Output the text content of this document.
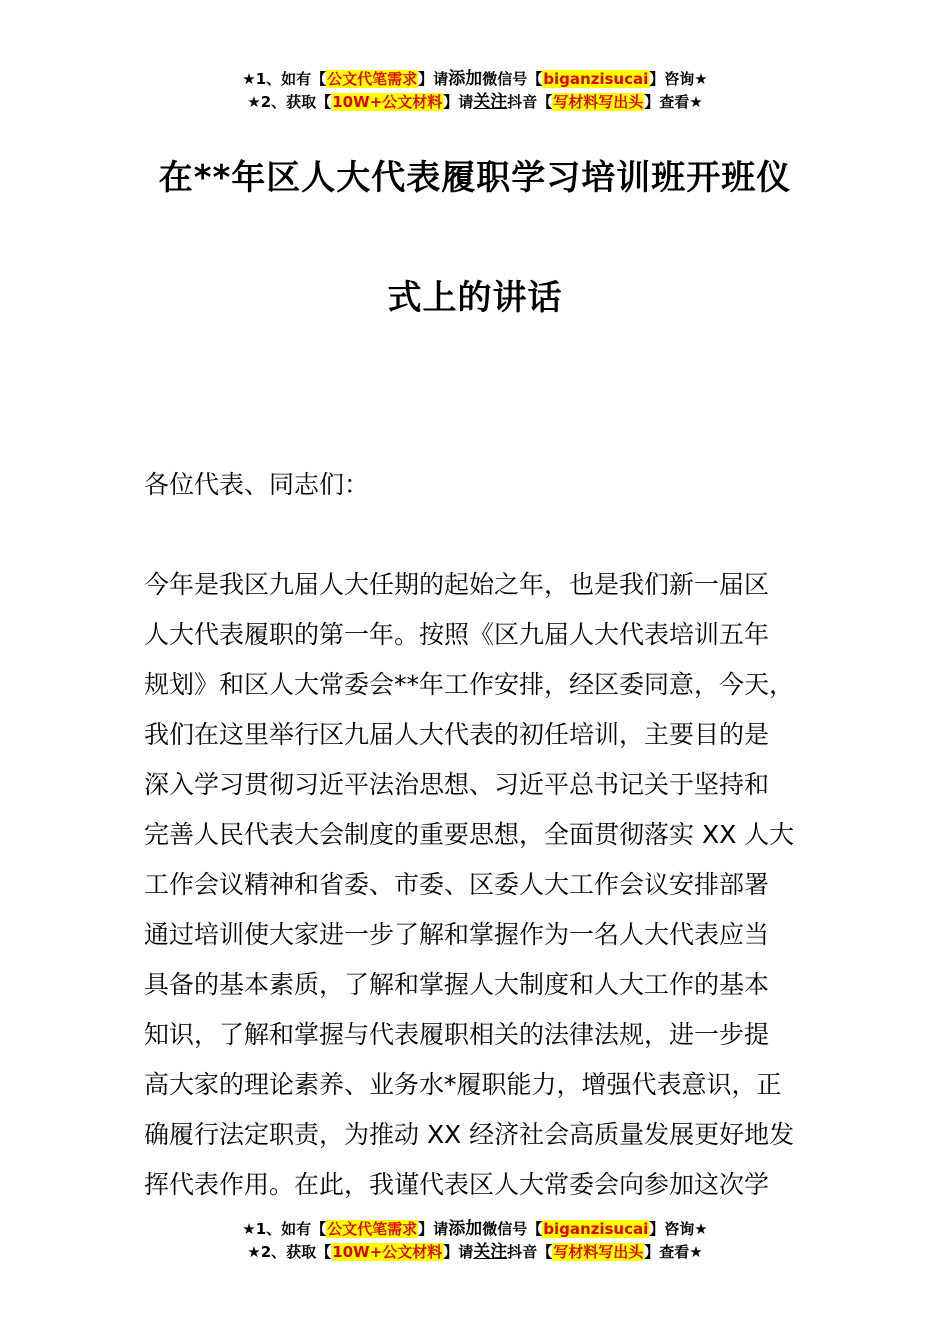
★1、如有【公文代笔需求】请添加微信号【biganzisucai】咨询★
★2、获取【10W+公文材料】请关注抖音【写材料写出头】查看★
在**年区人大代表履职学习培训班开班仪
式上的讲话
各位代表、同志们：
今年是我区九届人大任期的起始之年，也是我们新一届区
人大代表履职的第一年。按照《区九届人大代表培训五年
规划》和区人大常委会**年工作安排，经区委同意，今天，
我们在这里举行区九届人大代表的初任培训，主要目的是
深入学习贯彻习近平法治思想、习近平总书记关于坚持和
完善人民代表大会制度的重要思想，全面贯彻落实 XX 人大
工作会议精神和省委、市委、区委人大工作会议安排部署
通过培训使大家进一步了解和掌握作为一名人大代表应当
具备的基本素质，了解和掌握人大制度和人大工作的基本
知识，了解和掌握与代表履职相关的法律法规，进一步提
高大家的理论素养、业务水*履职能力，增强代表意识，正
确履行法定职责，为推动 XX 经济社会高质量发展更好地发
挥代表作用。在此，我谨代表区人大常委会向参加这次学
★1、如有【公文代笔需求】请添加微信号【biganzisucai】咨询★
★2、获取【10W+公文材料】请关注抖音【写材料写出头】查看★
